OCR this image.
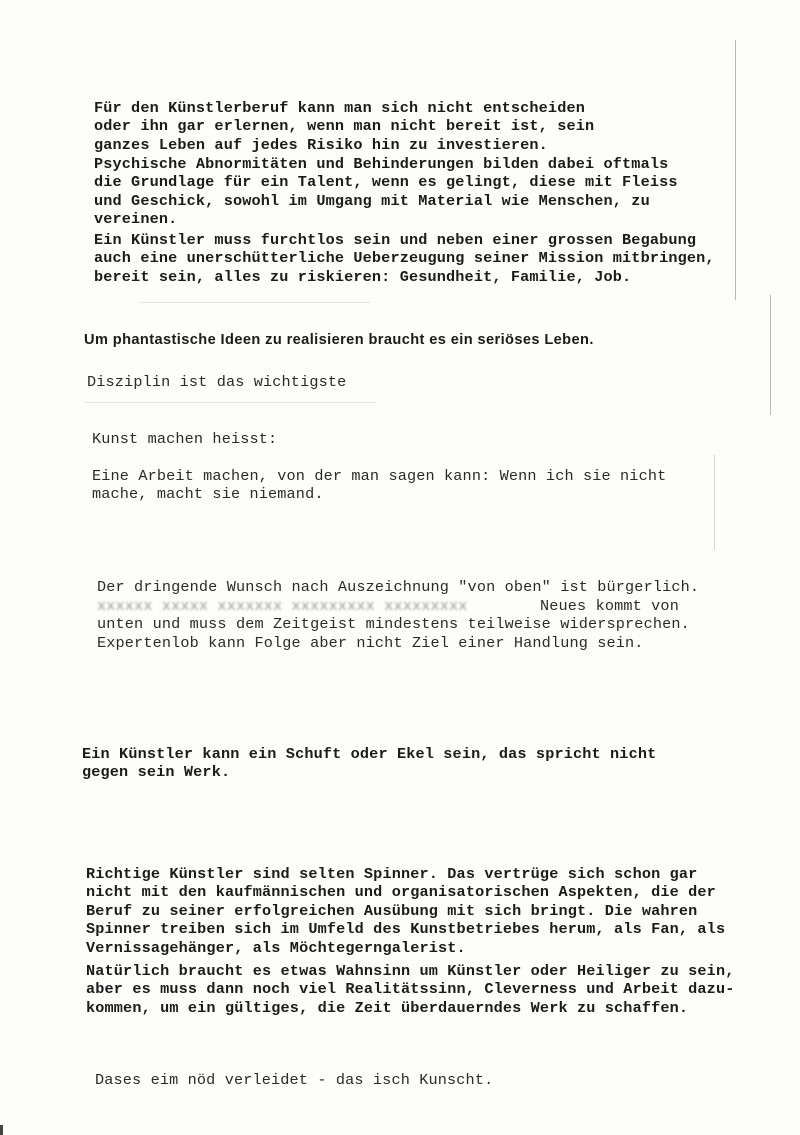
Für den Künstlerberuf kann man sich nicht entscheiden
oder ihn gar erlernen, wenn man nicht bereit ist, sein
ganzes Leben auf jedes Risiko hin zu investieren.

Psychische Abnormitäten und Behinderungen bilden dabei oftmals
die Grundlage für ein Talent, wenn es gelingt, diese mit Fleiss
und Geschick, sowohl im Umgang mit Material wie Menschen, zu
vereinen.

Ein Künstler muss furchtlos sein und neben einer grossen Begabung
auch eine unerschütterliche Ueberzeugung seiner Mission mitbringen,
bereit sein, alles zu riskieren: Gesundheit, Familie, Job.

Um phantastische Ideen zu realisieren braucht es ein seriöses Leben.

Disziplin ist das wichtigste

Kunst machen heisst:

Eine Arbeit machen, von der man sagen kann: Wenn ich sie nicht
mache, macht sie niemand.

Der dringende Wunsch nach Auszeichnung "von oben" ist bürgerlich.

xxxxxx xxxxx xxxxxxx xxxxxxxxx xxxxxxxxx	Neues kommt von
unten und muss dem Zeitgeist mindestens teilweise widersprechen.
Expertenlob kann Folge aber nicht Ziel einer Handlung sein.

Ein Künstler kann ein Schuft oder Ekel sein, das spricht nicht
gegen sein Werk.

Richtige Künstler sind selten Spinner. Das vertrüge sich schon gar
nicht mit den kaufmännischen und organisatorischen Aspekten, die der
Beruf zu seiner erfolgreichen Ausübung mit sich bringt. Die wahren
Spinner treiben sich im Umfeld des Kunstbetriebes herum, als Fan, als
Vernissagehänger, als Möchtegerngalerist.

Natürlich braucht es etwas Wahnsinn um Künstler oder Heiliger zu sein,
aber es muss dann noch viel Realitätssinn, Cleverness und Arbeit dazu-
kommen, um ein gültiges, die Zeit überdauerndes Werk zu schaffen.

Dases eim nöd verleidet - das isch Kunscht.
